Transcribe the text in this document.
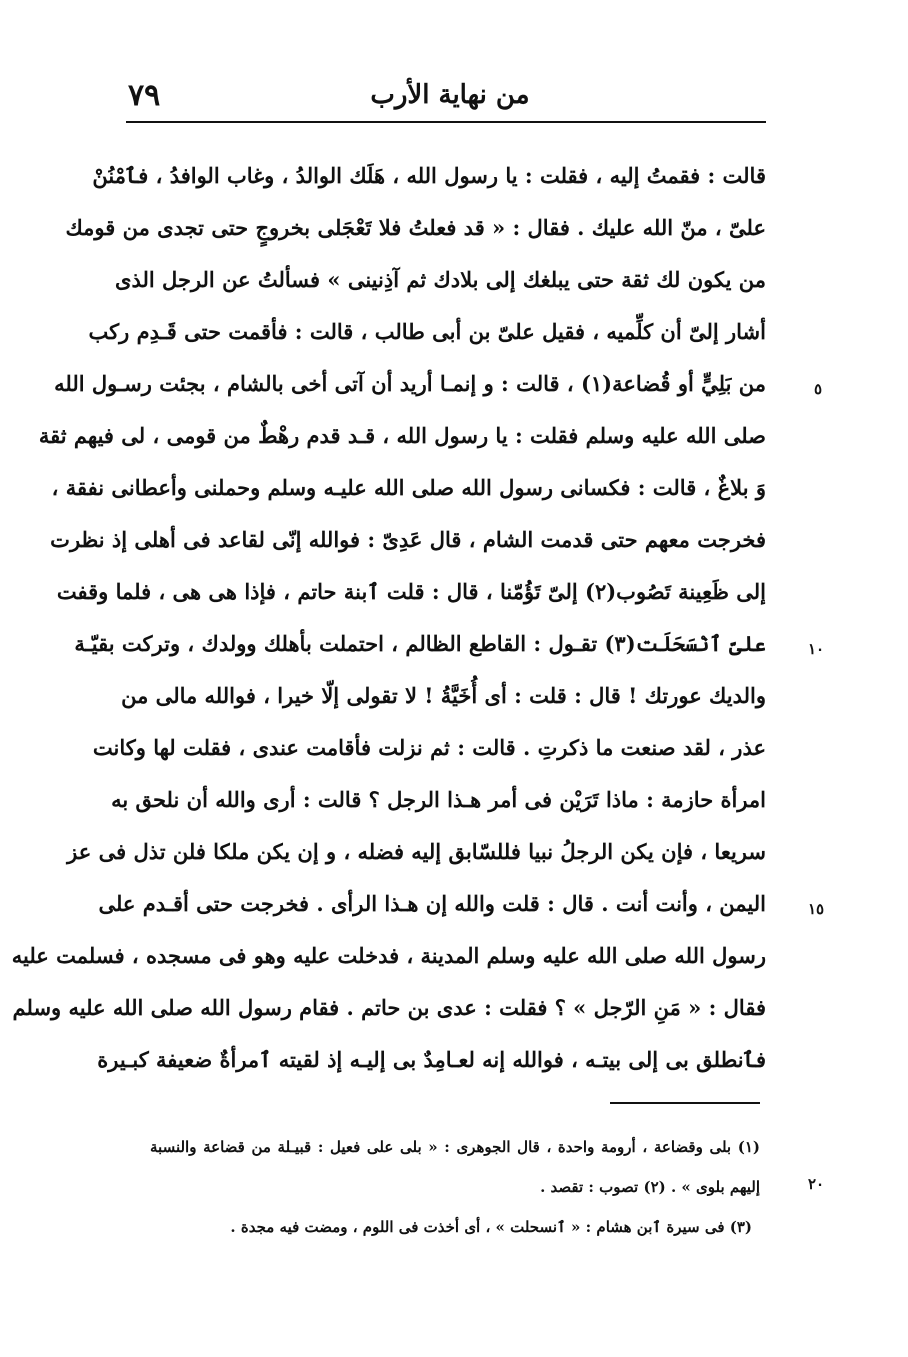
٧٩	من نهاية الأرب
قالت : فقمتُ إليه ، فقلت : يا رسول الله ، هَلَك الوالدُ ، وغاب الوافدُ ، فٱمْنُنْ
علىّ ، منّ الله عليك . فقال : « قد فعلتُ فلا تَعْجَلى بخروجٍ حتى تجدى من قومك
من يكون لك ثقة حتى يبلغك إلى بلادك ثم آذِنينى » فسألتُ عن الرجل الذى
أشار إلىّ أن كلِّميه ، فقيل علىّ بن أبى طالب ، قالت : فأقمت حتى قَـدِم ركب
من بَلِيٍّ أو قُضاعة(١) ، قالت : و إنمـا أريد أن آتى أخى بالشام ، بجئت رسـول الله
صلى الله عليه وسلم فقلت : يا رسول الله ، قـد قدم رهْطٌ من قومى ، لى فيهم ثقة
وَ بلاغٌ ، قالت : فكسانى رسول الله صلى الله عليـه وسلم وحملنى وأعطانى نفقة ،
فخرجت معهم حتى قدمت الشام ، قال عَدِىّ : فوالله إنّى لقاعد فى أهلى إذ نظرت
إلى ظَعِينة تَصُوب(٢) إلىّ تَؤُمّنا ، قال : قلت ٱبنة حاتم ، فإذا هى هى ، فلما وقفت
علىّ ٱنْسَحَلَت(٣) تقـول : القاطع الظالم ، احتملت بأهلك وولدك ، وتركت بقيّـة
والديك عورتك ! قال : قلت : أى أُخَيَّةُ ! لا تقولى إلّا خيرا ، فوالله مالى من
عذر ، لقد صنعت ما ذكرتِ . قالت : ثم نزلت فأقامت عندى ، فقلت لها وكانت
امرأة حازمة : ماذا تَرَيْن فى أمر هـذا الرجل ؟ قالت : أرى والله أن نلحق به
سريعا ، فإن يكن الرجلُ نبيا فللسّابق إليه فضله ، و إن يكن ملكا فلن تذل فى عز
اليمن ، وأنت أنت . قال : قلت والله إن هـذا الرأى . فخرجت حتى أقـدم على
رسول الله صلى الله عليه وسلم المدينة ، فدخلت عليه وهو فى مسجده ، فسلمت عليه
فقال : « مَنِ الرّجل » ؟ فقلت : عدى بن حاتم . فقام رسول الله صلى الله عليه وسلم
فٱنطلق بى إلى بيتـه ، فوالله إنه لعـامِدٌ بى إليـه إذ لقيته ٱمرأةٌ ضعيفة كبـيرة
٥
١٠
١٥
٢٠
(١) بلى وقضاعة ، أرومة واحدة ، قال الجوهرى : « بلى على فعيل : قبيـلة من قضاعة والنسبة
إليهم بلوى » . (٢) تصوب : تقصد .
(٣) فى سيرة ٱبن هشام : « ٱنسحلت » ، أى أخذت فى اللوم ، ومضت فيه مجدة .
